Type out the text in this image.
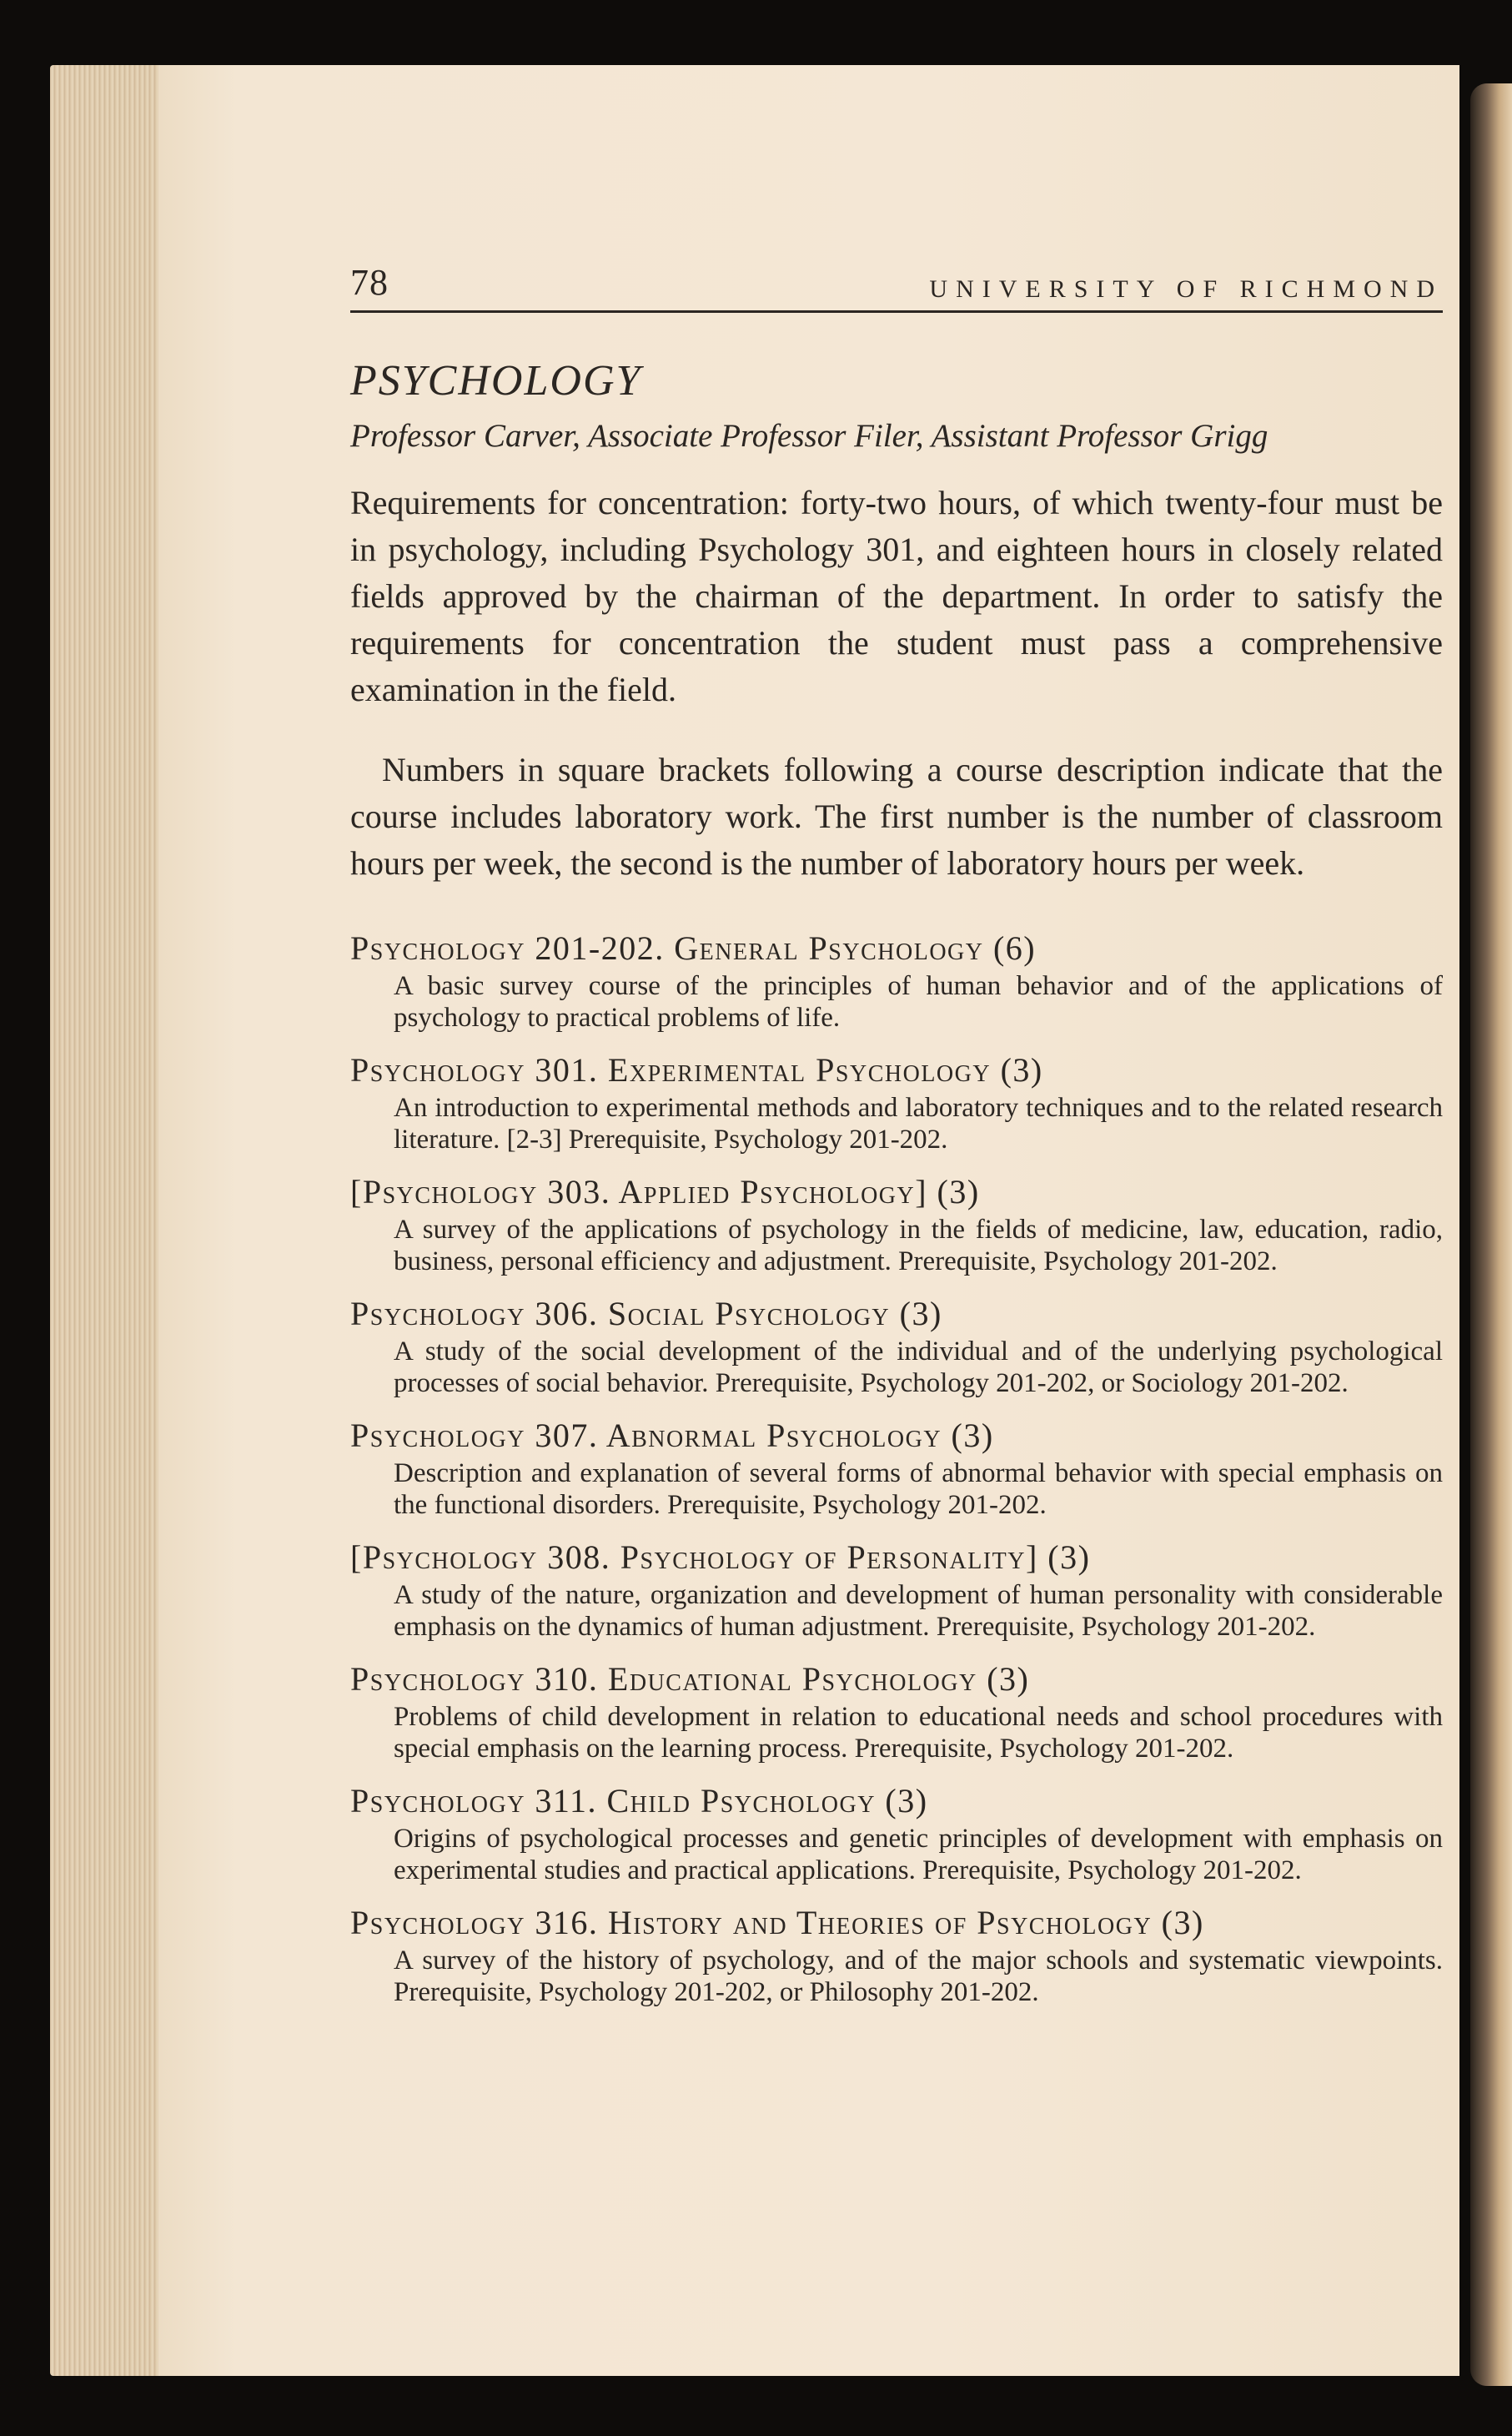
78	UNIVERSITY OF RICHMOND
PSYCHOLOGY
Professor Carver, Associate Professor Filer, Assistant Professor Grigg

Requirements for concentration: forty-two hours, of which twenty-four must be in psychology, including Psychology 301, and eighteen hours in closely related fields approved by the chairman of the department. In order to satisfy the requirements for concentration the student must pass a comprehensive examination in the field.

Numbers in square brackets following a course description indicate that the course includes laboratory work. The first number is the number of classroom hours per week, the second is the number of laboratory hours per week.

Psychology 201-202. General Psychology (6)
A basic survey course of the principles of human behavior and of the applications of psychology to practical problems of life.
Psychology 301. Experimental Psychology (3)
An introduction to experimental methods and laboratory techniques and to the related research literature. [2-3] Prerequisite, Psychology 201-202.
[Psychology 303. Applied Psychology] (3)
A survey of the applications of psychology in the fields of medicine, law, education, radio, business, personal efficiency and adjustment. Prerequisite, Psychology 201-202.
Psychology 306. Social Psychology (3)
A study of the social development of the individual and of the underlying psychological processes of social behavior. Prerequisite, Psychology 201-202, or Sociology 201-202.
Psychology 307. Abnormal Psychology (3)
Description and explanation of several forms of abnormal behavior with special emphasis on the functional disorders. Prerequisite, Psychology 201-202.
[Psychology 308. Psychology of Personality] (3)
A study of the nature, organization and development of human personality with considerable emphasis on the dynamics of human adjustment. Prerequisite, Psychology 201-202.
Psychology 310. Educational Psychology (3)
Problems of child development in relation to educational needs and school procedures with special emphasis on the learning process. Prerequisite, Psychology 201-202.
Psychology 311. Child Psychology (3)
Origins of psychological processes and genetic principles of development with emphasis on experimental studies and practical applications. Prerequisite, Psychology 201-202.
Psychology 316. History and Theories of Psychology (3)
A survey of the history of psychology, and of the major schools and systematic viewpoints. Prerequisite, Psychology 201-202, or Philosophy 201-202.
